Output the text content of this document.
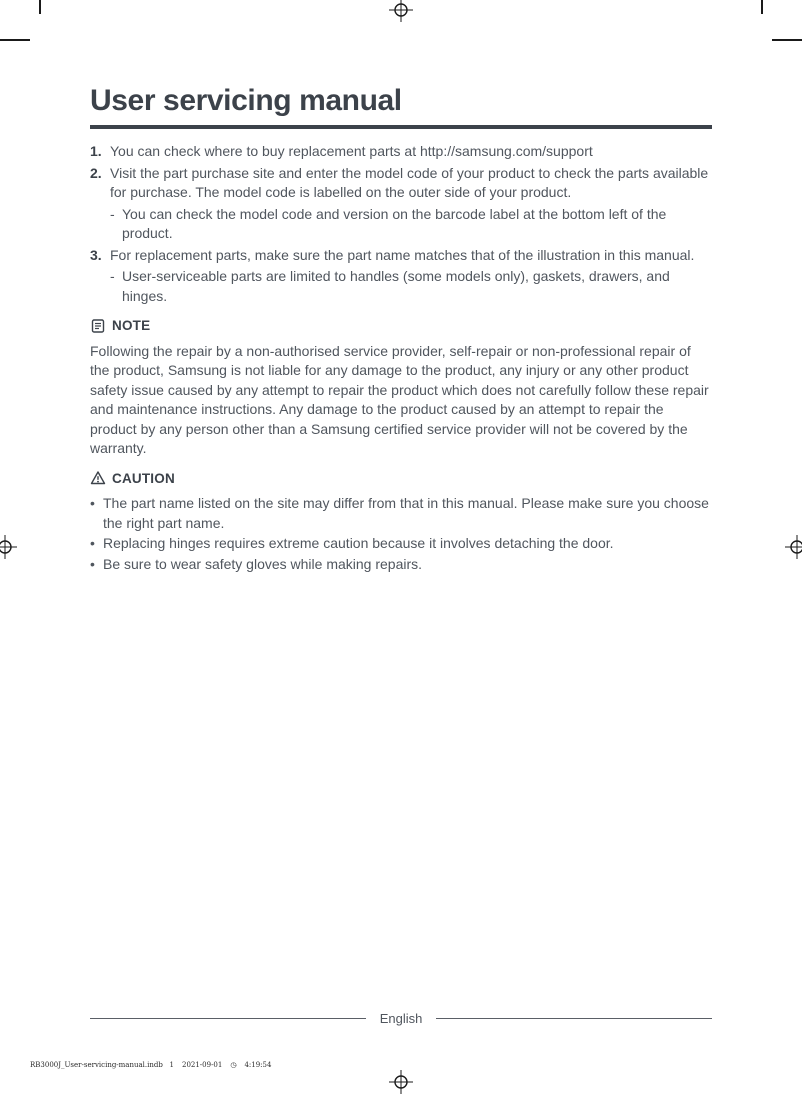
User servicing manual
1. You can check where to buy replacement parts at http://samsung.com/support
2. Visit the part purchase site and enter the model code of your product to check the parts available for purchase. The model code is labelled on the outer side of your product.
- You can check the model code and version on the barcode label at the bottom left of the product.
3. For replacement parts, make sure the part name matches that of the illustration in this manual.
- User-serviceable parts are limited to handles (some models only), gaskets, drawers, and hinges.
NOTE

Following the repair by a non-authorised service provider, self-repair or non-professional repair of the product, Samsung is not liable for any damage to the product, any injury or any other product safety issue caused by any attempt to repair the product which does not carefully follow these repair and maintenance instructions. Any damage to the product caused by an attempt to repair the product by any person other than a Samsung certified service provider will not be covered by the warranty.

CAUTION
• The part name listed on the site may differ from that in this manual. Please make sure you choose the right part name.
• Replacing hinges requires extreme caution because it involves detaching the door.
• Be sure to wear safety gloves while making repairs.
English
RB3000J_User-servicing-manual.indb   1 2021-09-01 ◷ 4:19:54
